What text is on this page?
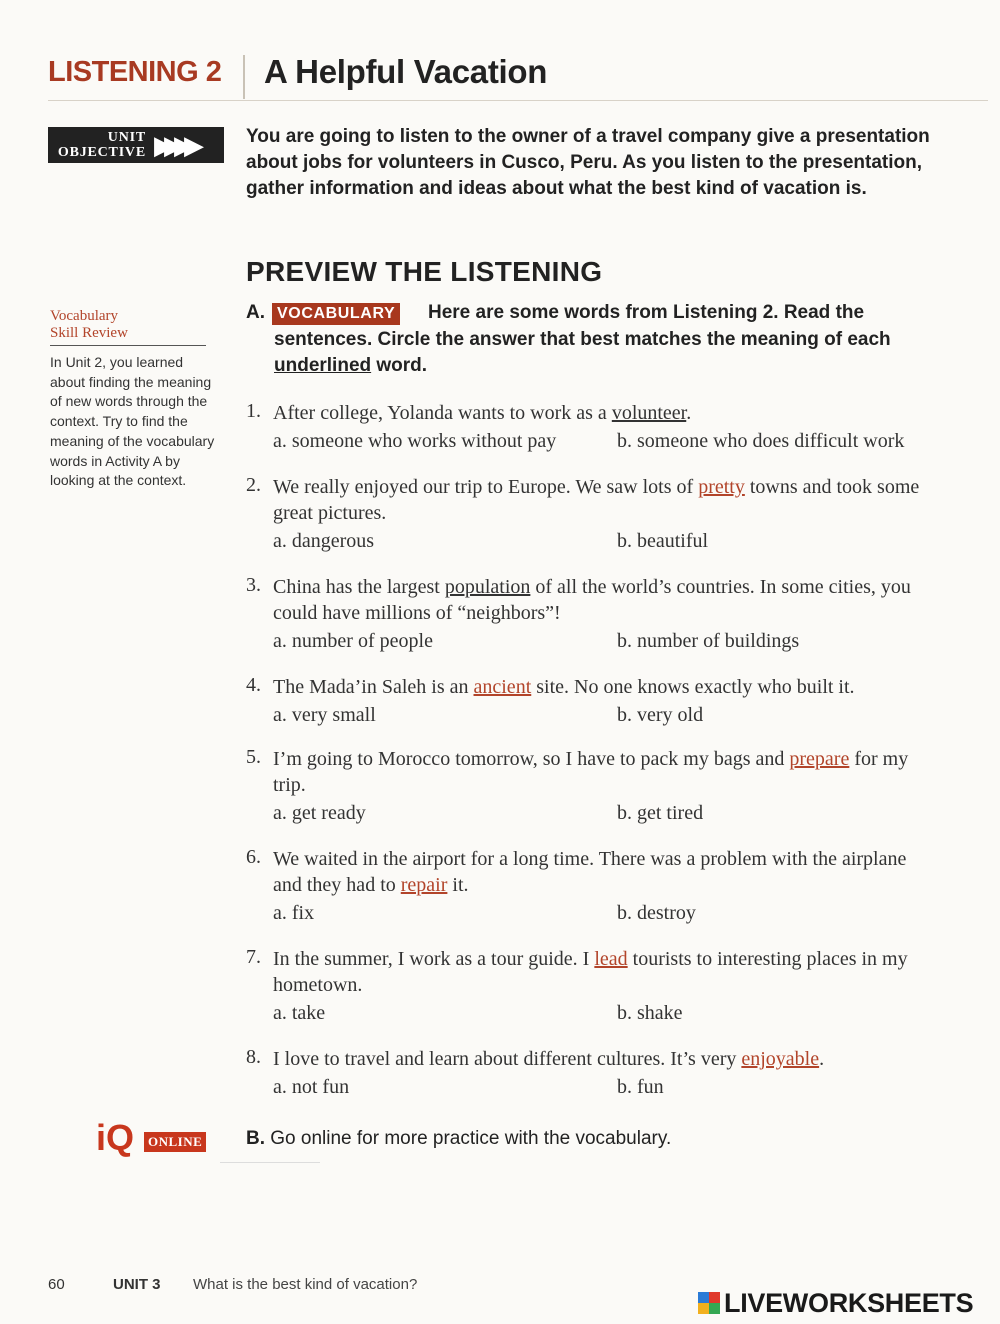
LISTENING 2 A Helpful Vacation
UNIT
OBJECTIVE ▶▶▶▶	You are going to listen to the owner of a travel company give a presentation about jobs for volunteers in Cusco, Peru. As you listen to the presentation, gather information and ideas about what the best kind of vacation is.
PREVIEW THE LISTENING
Vocabulary
Skill Review
In Unit 2, you learned about finding the meaning of new words through the context. Try to find the meaning of the vocabulary words in Activity A by looking at the context.
A. VOCABULARY	Here are some words from Listening 2. Read the sentences. Circle the answer that best matches the meaning of each underlined word.
1. After college, Yolanda wants to work as a volunteer.
a. someone who works without pay	b. someone who does difficult work
2. We really enjoyed our trip to Europe. We saw lots of pretty towns and took some great pictures.
a. dangerous	b. beautiful
3. China has the largest population of all the world’s countries. In some cities, you could have millions of “neighbors”!
a. number of people	b. number of buildings
4. The Mada’in Saleh is an ancient site. No one knows exactly who built it.
a. very small	b. very old
5. I’m going to Morocco tomorrow, so I have to pack my bags and prepare for my trip.
a. get ready	b. get tired
6. We waited in the airport for a long time. There was a problem with the airplane and they had to repair it.
a. fix	b. destroy
7. In the summer, I work as a tour guide. I lead tourists to interesting places in my hometown.
a. take	b. shake
8. I love to travel and learn about different cultures. It’s very enjoyable.
a. not fun	b. fun
iQ	ONLINE B. Go online for more practice with the vocabulary.
60	UNIT 3 What is the best kind of vacation?
LIVEWORKSHEETS
